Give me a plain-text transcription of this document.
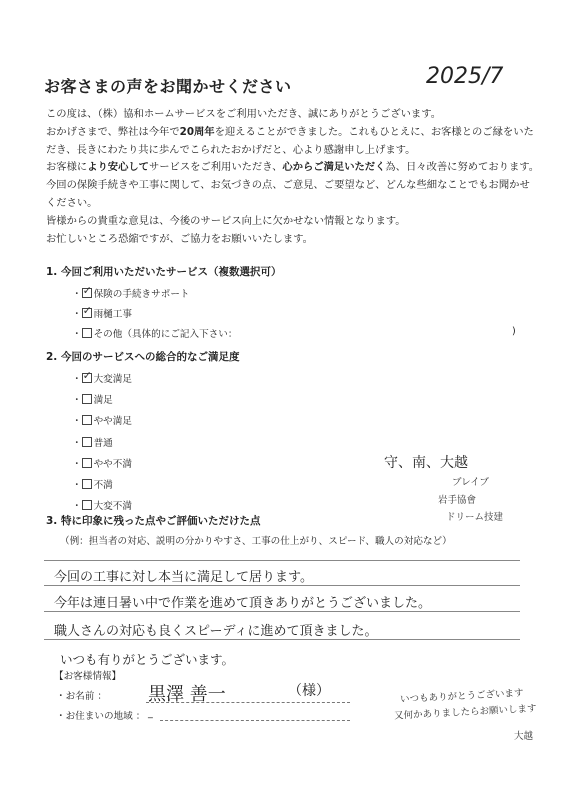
お客さまの声をお聞かせください	2025/7

この度は、（株）協和ホームサービスをご利用いただき、誠にありがとうございます。

おかげさまで、弊社は今年で20周年を迎えることができました。これもひとえに、お客様とのご縁をいただき、長きにわたり共に歩んでこられたおかげだと、心より感謝申し上げます。

お客様により安心してサービスをご利用いただき、心からご満足いただく為、日々改善に努めております。

今回の保険手続きや工事に関して、お気づきの点、ご意見、ご要望など、どんな些細なことでもお聞かせください。

皆様からの貴重な意見は、今後のサービス向上に欠かせない情報となります。

お忙しいところ恐縮ですが、ご協力をお願いいたします。

1. 今回ご利用いただいたサービス（複数選択可）
・ ✓ 保険の手続きサポート
・ ✓ 雨樋工事
・ その他（具体的にご記入下さい：	)
2. 今回のサービスへの総合的なご満足度
・ ✓ 大変満足
・ 満足
・ やや満足
・ 普通
・ やや不満
・ 不満
・ 大変不満
守、南、大越
ブレイブ
岩手協會
ドリーム技建
3. 特に印象に残った点やご評価いただけた点
（例：担当者の対応、説明の分かりやすさ、工事の仕上がり、スピード、職人の対応など）
今回の工事に対し本当に満足して居ります。
今年は連日暑い中で作業を進めて頂きありがとうございました。
職人さんの対応も良くスピーディに進めて頂きました。
いつも有りがとうございます。
【お客様情報】
・お名前 ： 黒澤 善一	（様）
・お住まいの地域 ： _
いつもありがとうございます
又何かありましたらお願いします
大越
